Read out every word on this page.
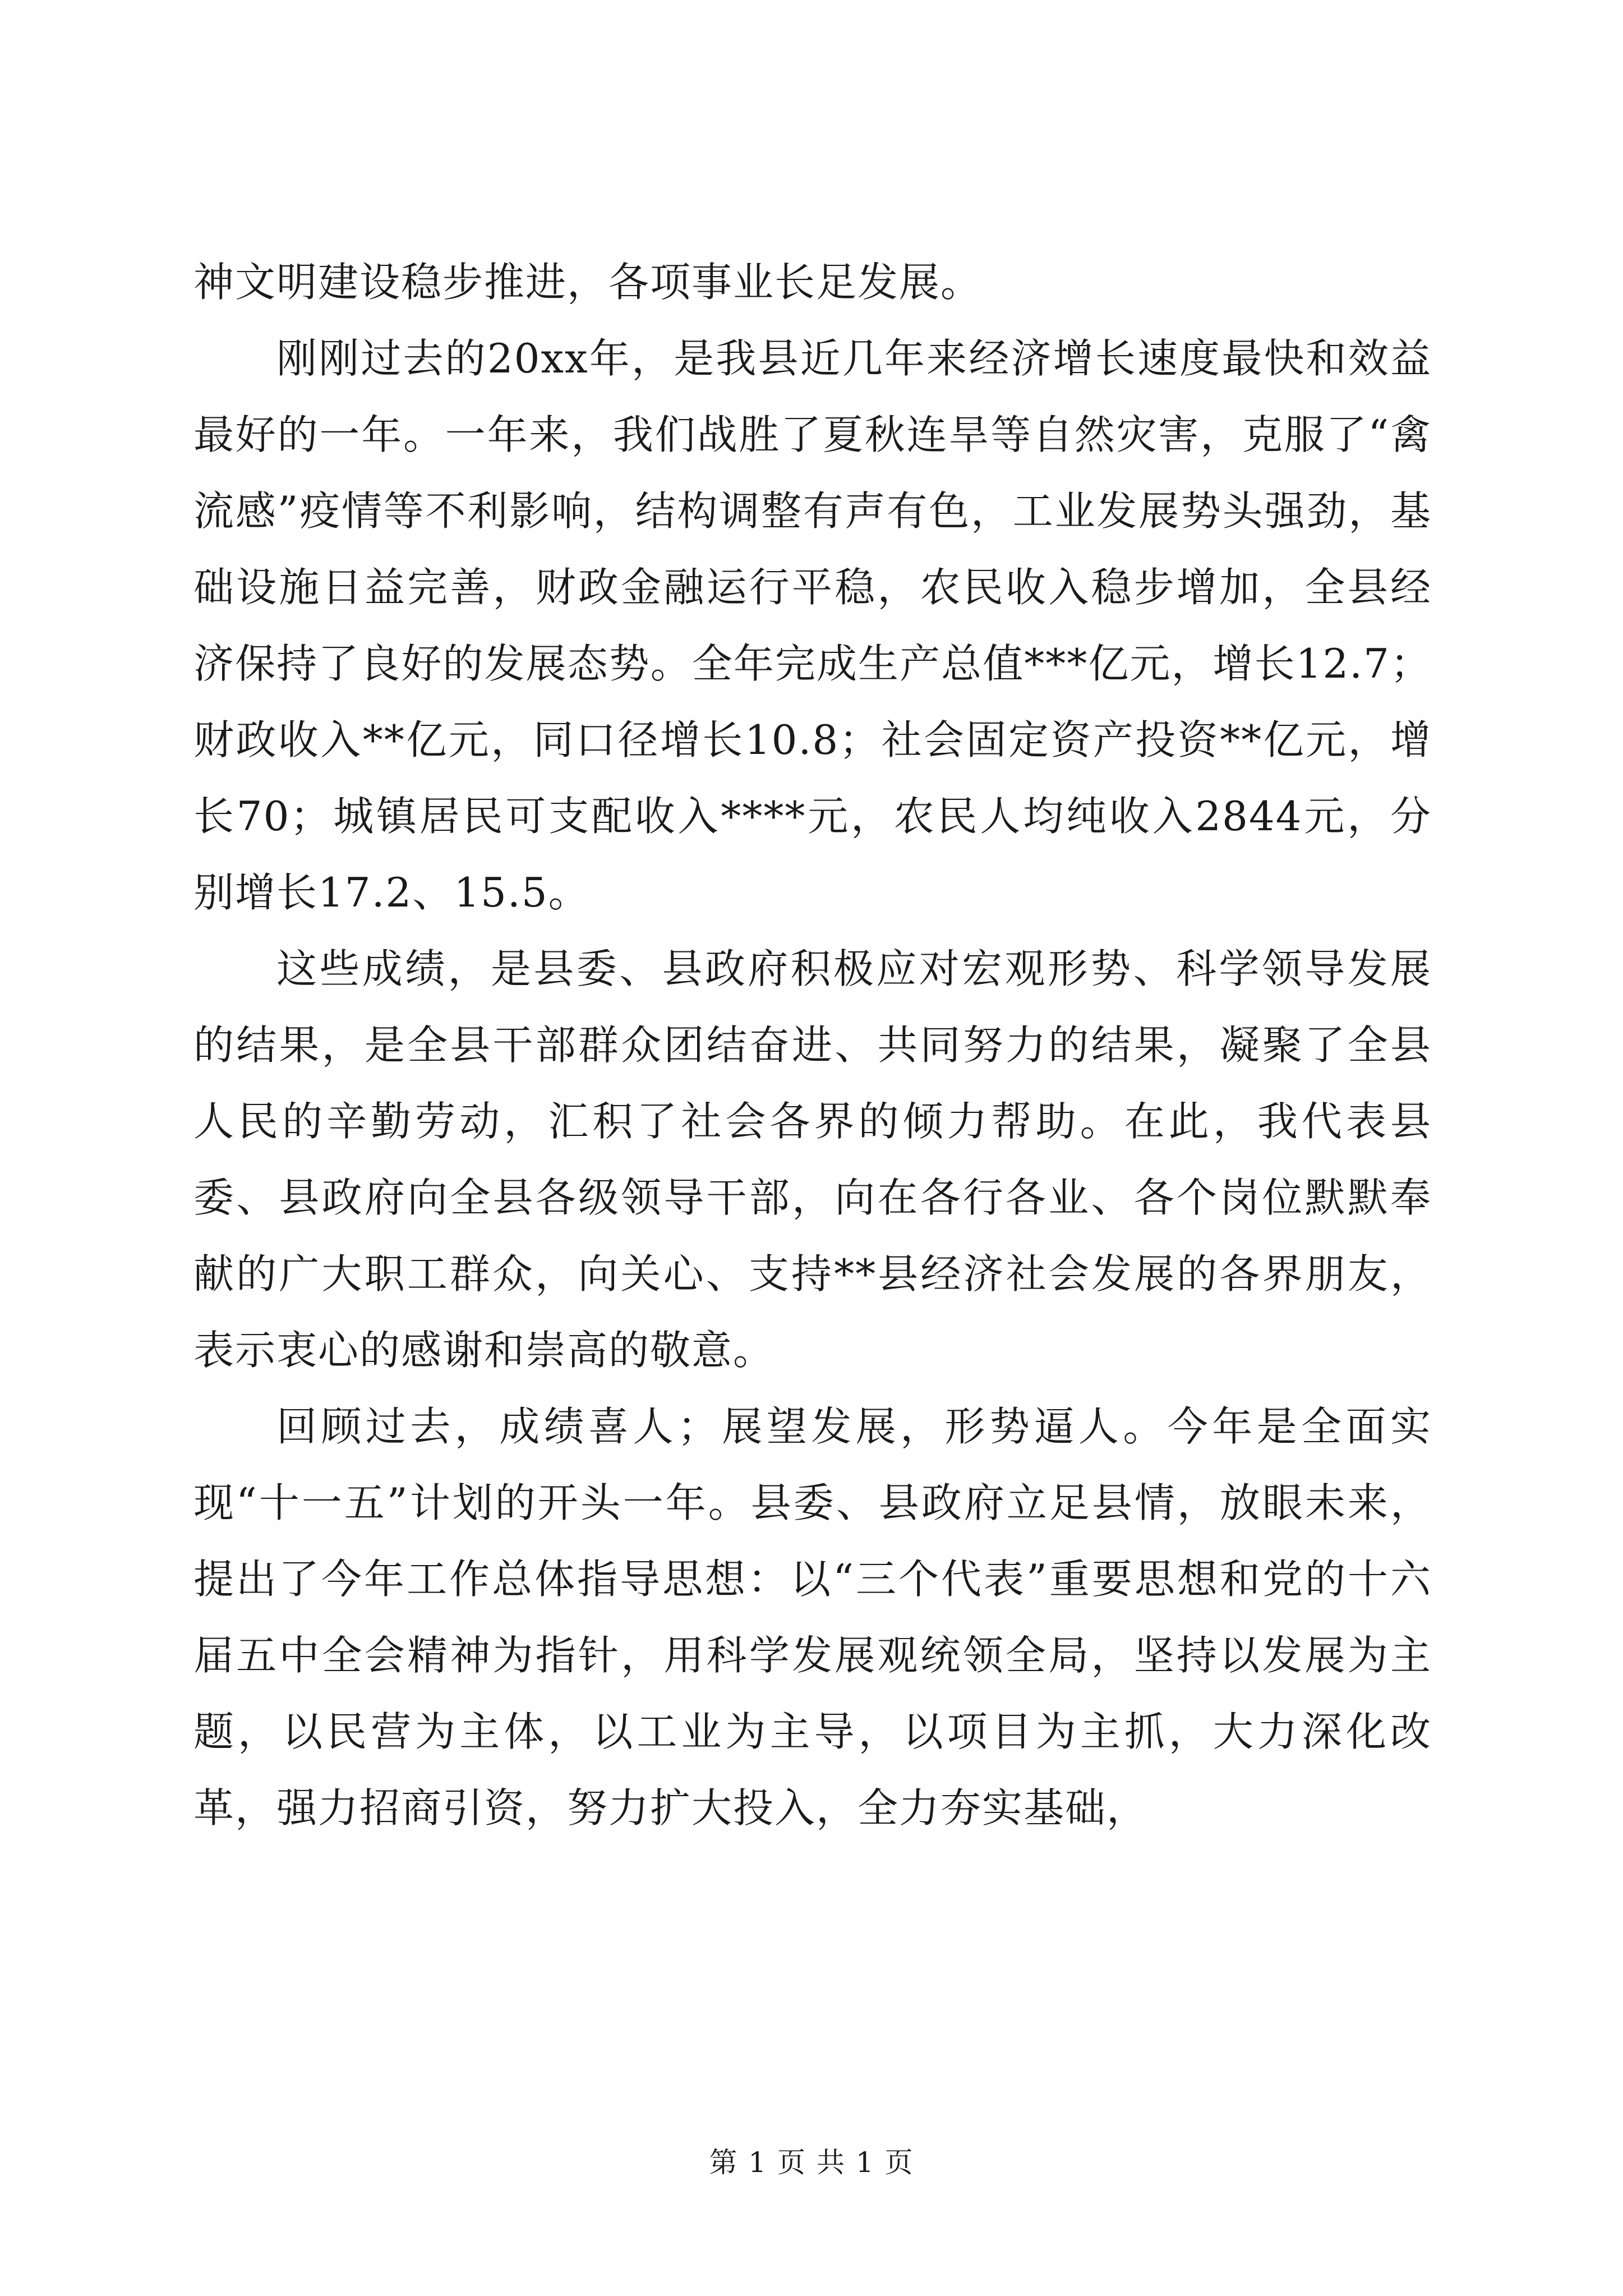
神文明建设稳步推进，各项事业长足发展。

刚刚过去的20xx年，是我县近几年来经济增长速度最快和效益最好的一年。一年来，我们战胜了夏秋连旱等自然灾害，克服了“禽流感”疫情等不利影响，结构调整有声有色，工业发展势头强劲，基础设施日益完善，财政金融运行平稳，农民收入稳步增加，全县经济保持了良好的发展态势。全年完成生产总值***亿元，增长12.7；财政收入**亿元，同口径增长10.8；社会固定资产投资**亿元，增长70；城镇居民可支配收入****元，农民人均纯收入2844元，分别增长17.2、15.5。

这些成绩，是县委、县政府积极应对宏观形势、科学领导发展的结果，是全县干部群众团结奋进、共同努力的结果，凝聚了全县人民的辛勤劳动，汇积了社会各界的倾力帮助。在此，我代表县委、县政府向全县各级领导干部，向在各行各业、各个岗位默默奉献的广大职工群众，向关心、支持**县经济社会发展的各界朋友，表示衷心的感谢和崇高的敬意。

回顾过去，成绩喜人；展望发展，形势逼人。今年是全面实现“十一五”计划的开头一年。县委、县政府立足县情，放眼未来，提出了今年工作总体指导思想：以“三个代表”重要思想和党的十六届五中全会精神为指针，用科学发展观统领全局，坚持以发展为主题，以民营为主体，以工业为主导，以项目为主抓，大力深化改革，强力招商引资，努力扩大投入，全力夯实基础，

第 1 页 共 1 页
